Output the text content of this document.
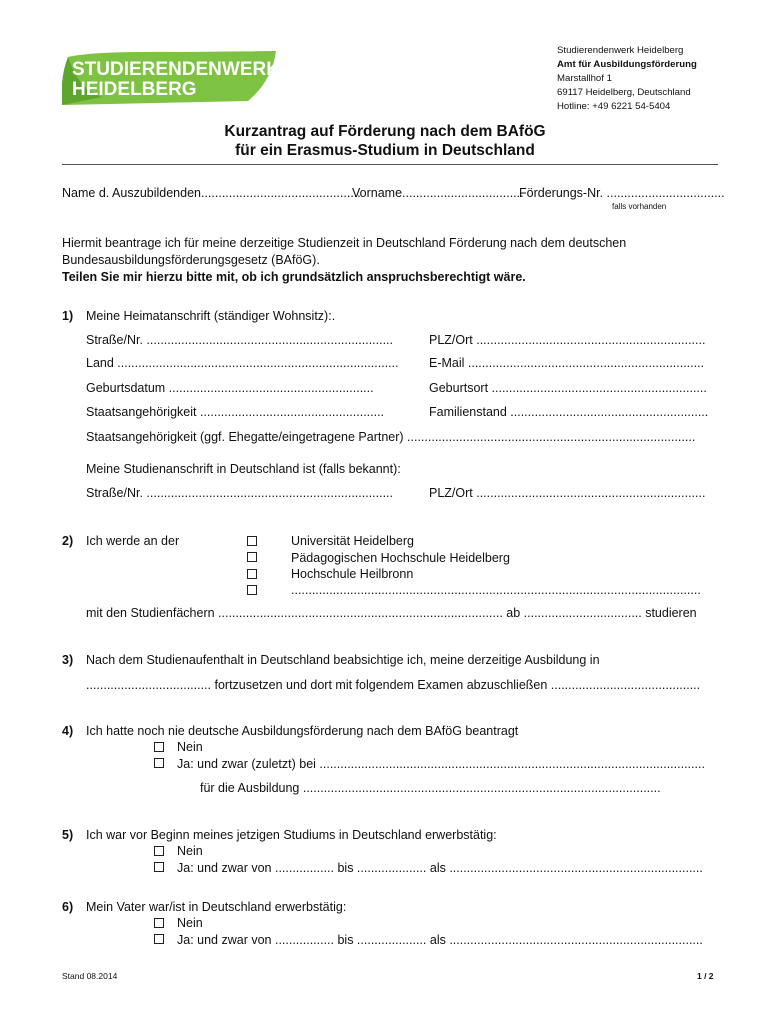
STUDIERENDENWERK
HEIDELBERG
Studierendenwerk Heidelberg
Amt für Ausbildungsförderung
Marstallhof 1
69117 Heidelberg, Deutschland
Hotline: +49 6221 54-5404
Kurzantrag auf Förderung nach dem BAföG
für ein Erasmus-Studium in Deutschland
Name d. Auszubildenden..............................................
Vorname...................................
Förderungs-Nr. ..................................
falls vorhanden
Hiermit beantrage ich für meine derzeitige Studienzeit in Deutschland Förderung nach dem deutschen
Bundesausbildungsförderungsgesetz (BAföG).
Teilen Sie mir hierzu bitte mit, ob ich grundsätzlich anspruchsberechtigt wäre.
1) Meine Heimatanschrift (ständiger Wohnsitz):.
Straße/Nr. .......................................................................	PLZ/Ort ..................................................................
Land ................................................................................. E-Mail ....................................................................
Geburtsdatum ...........................................................	Geburtsort ..............................................................
Staatsangehörigkeit .....................................................	Familienstand .........................................................
Staatsangehörigkeit (ggf. Ehegatte/eingetragene Partner) ...................................................................................
Meine Studienanschrift in Deutschland ist (falls bekannt):
Straße/Nr. .......................................................................	PLZ/Ort ..................................................................
2) Ich werde an der	Universität Heidelberg
Pädagogischen Hochschule Heidelberg
Hochschule Heilbronn
......................................................................................................................
mit den Studienfächern .................................................................................. ab .................................. studieren
3) Nach dem Studienaufenthalt in Deutschland beabsichtige ich, meine derzeitige Ausbildung in
.................................... fortzusetzen und dort mit folgendem Examen abzuschließen ...........................................
4) Ich hatte noch nie deutsche Ausbildungsförderung nach dem BAföG beantragt
Nein
Ja: und zwar (zuletzt) bei ...............................................................................................................
für die Ausbildung .......................................................................................................
5) Ich war vor Beginn meines jetzigen Studiums in Deutschland erwerbstätig:
Nein
Ja: und zwar von ................. bis .................... als .........................................................................
6) Mein Vater war/ist in Deutschland erwerbstätig:
Nein
Ja: und zwar von ................. bis .................... als .........................................................................
Stand 08.2014	1 / 2
